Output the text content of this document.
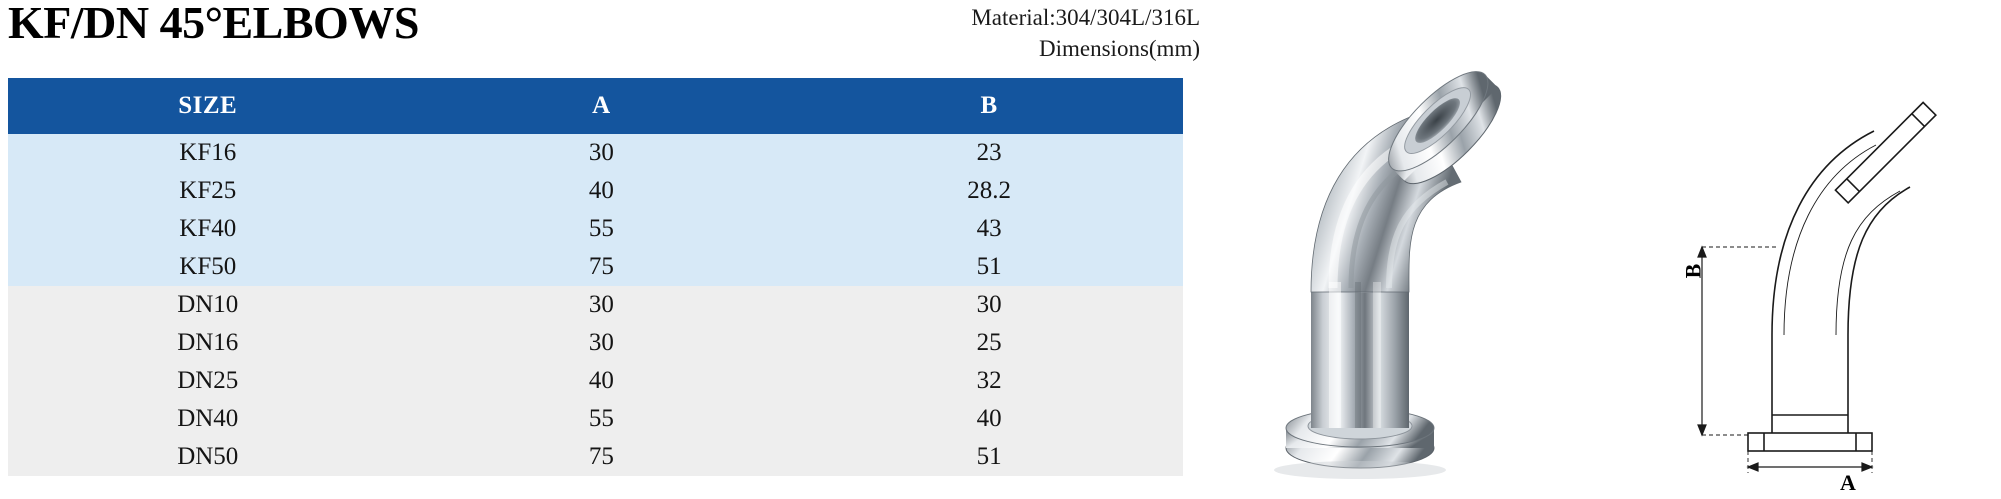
KF/DN 45°ELBOWS	Material:304/304L/316L
Dimensions(mm)
SIZE	A	B
KF16	30	23
KF25	40	28.2
KF40	55	43
KF50	75	51
DN10	30	30
DN16	30	25
DN25	40	32
DN40	55	40
DN50	75	51
B
A
